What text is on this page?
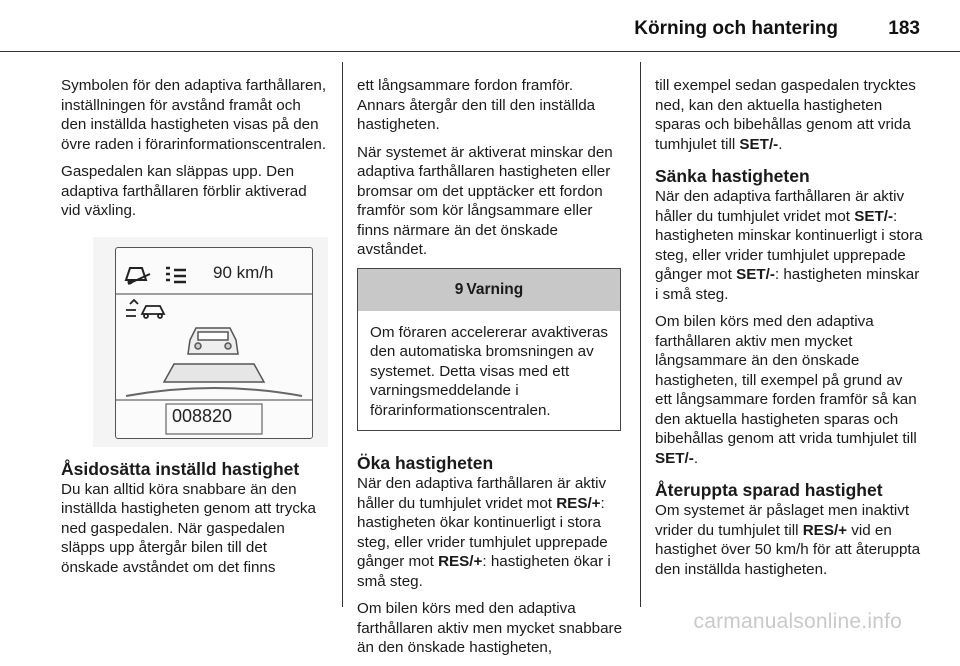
Körning och hantering	183

Symbolen för den adaptiva farthållaren, inställningen för avstånd framåt och den inställda hastigheten visas på den övre raden i förarinformationscentralen.

Gaspedalen kan släppas upp. Den adaptiva farthållaren förblir aktiverad vid växling.

Åsidosätta inställd hastighet

Du kan alltid köra snabbare än den inställda hastigheten genom att trycka ned gaspedalen. När gaspedalen släpps upp återgår bilen till det önskade avståndet om det finns

90 km/h
008820

ett långsammare fordon framför. Annars återgår den till den inställda hastigheten.

När systemet är aktiverat minskar den adaptiva farthållaren hastigheten eller bromsar om det upptäcker ett fordon framför som kör långsammare eller finns närmare än det önskade avståndet.

9 Varning
Om föraren accelererar avaktiveras den automatiska bromsningen av systemet. Detta visas med ett varningsmeddelande i förarinformationscentralen.
Öka hastigheten

När den adaptiva farthållaren är aktiv håller du tumhjulet vridet mot RES/+: hastigheten ökar kontinuerligt i stora steg, eller vrider tumhjulet upprepade gånger mot RES/+: hastigheten ökar i små steg.

Om bilen körs med den adaptiva farthållaren aktiv men mycket snabbare än den önskade hastigheten,

till exempel sedan gaspedalen trycktes ned, kan den aktuella hastigheten sparas och bibehållas genom att vrida tumhjulet till SET/-.

Sänka hastigheten

När den adaptiva farthållaren är aktiv håller du tumhjulet vridet mot SET/-: hastigheten minskar kontinuerligt i stora steg, eller vrider tumhjulet upprepade gånger mot SET/-: hastigheten minskar i små steg.

Om bilen körs med den adaptiva farthållaren aktiv men mycket långsammare än den önskade hastigheten, till exempel på grund av ett långsammare forden framför så kan den aktuella hastigheten sparas och bibehållas genom att vrida tumhjulet till SET/-.

Återuppta sparad hastighet

Om systemet är påslaget men inaktivt vrider du tumhjulet till RES/+ vid en hastighet över 50 km/h för att återuppta den inställda hastigheten.

carmanualsonline.info
